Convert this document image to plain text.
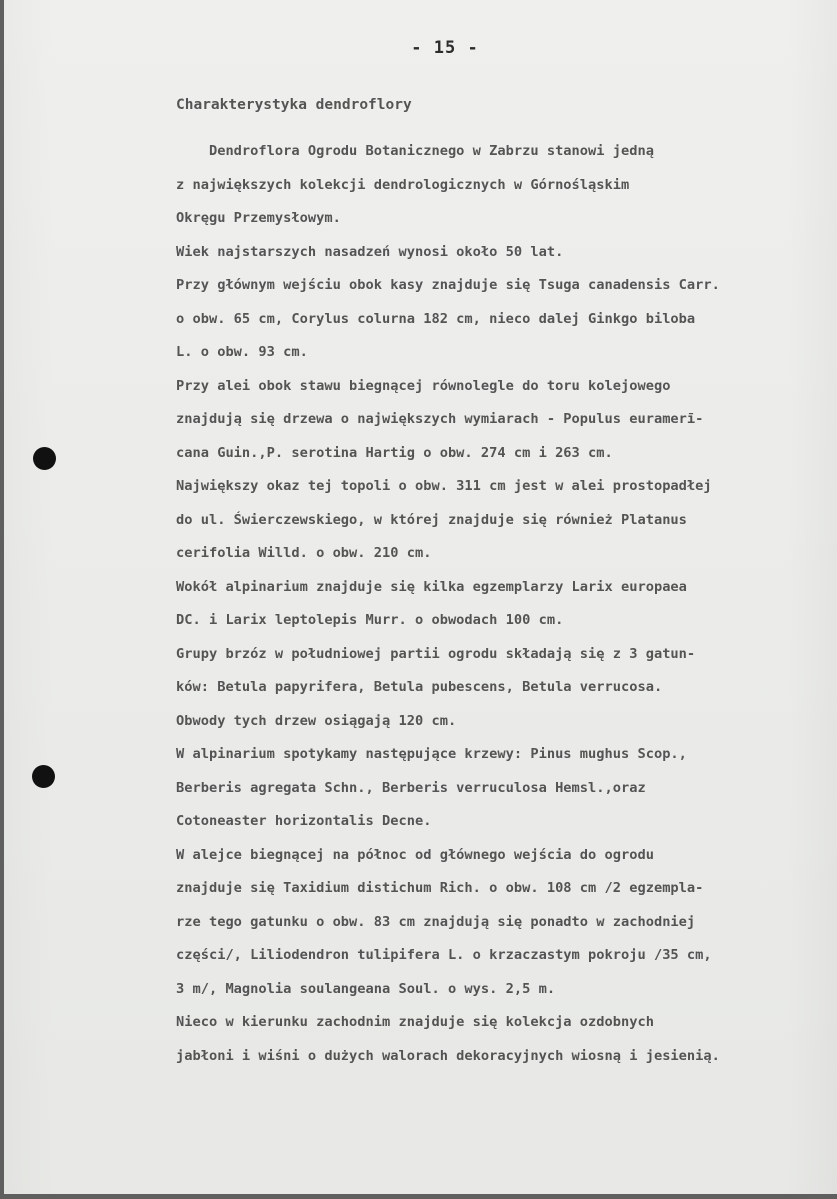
- 15 -
Charakterystyka dendroflory
Dendroflora Ogrodu Botanicznego w Zabrzu stanowi jedną
z największych kolekcji dendrologicznych w Górnośląskim
Okręgu Przemysłowym.
Wiek najstarszych nasadzeń wynosi około 50 lat.
Przy głównym wejściu obok kasy znajduje się Tsuga canadensis Carr.
o obw. 65 cm, Corylus colurna 182 cm, nieco dalej Ginkgo biloba
L. o obw. 93 cm.
Przy alei obok stawu biegnącej równolegle do toru kolejowego
znajdują się drzewa o największych wymiarach - Populus euramerī-
cana Guin.,P. serotina Hartig o obw. 274 cm i 263 cm.
Największy okaz tej topoli o obw. 311 cm jest w alei prostopadłej
do ul. Świerczewskiego, w której znajduje się również Platanus
cerifolia Willd. o obw. 210 cm.
Wokół alpinarium znajduje się kilka egzemplarzy Larix europaea
DC. i Larix leptolepis Murr. o obwodach 100 cm.
Grupy brzóz w południowej partii ogrodu składają się z 3 gatun-
ków: Betula papyrifera, Betula pubescens, Betula verrucosa.
Obwody tych drzew osiągają 120 cm.
W alpinarium spotykamy następujące krzewy: Pinus mughus Scop.,
Berberis agregata Schn., Berberis verruculosa Hemsl.,oraz
Cotoneaster horizontalis Decne.
W alejce biegnącej na północ od głównego wejścia do ogrodu
znajduje się Taxidium distichum Rich. o obw. 108 cm /2 egzempla-
rze tego gatunku o obw. 83 cm znajdują się ponadto w zachodniej
części/, Liliodendron tulipifera L. o krzaczastym pokroju /35 cm,
3 m/, Magnolia soulangeana Soul. o wys. 2,5 m.
Nieco w kierunku zachodnim znajduje się kolekcja ozdobnych
jabłoni i wiśni o dużych walorach dekoracyjnych wiosną i jesienią.
